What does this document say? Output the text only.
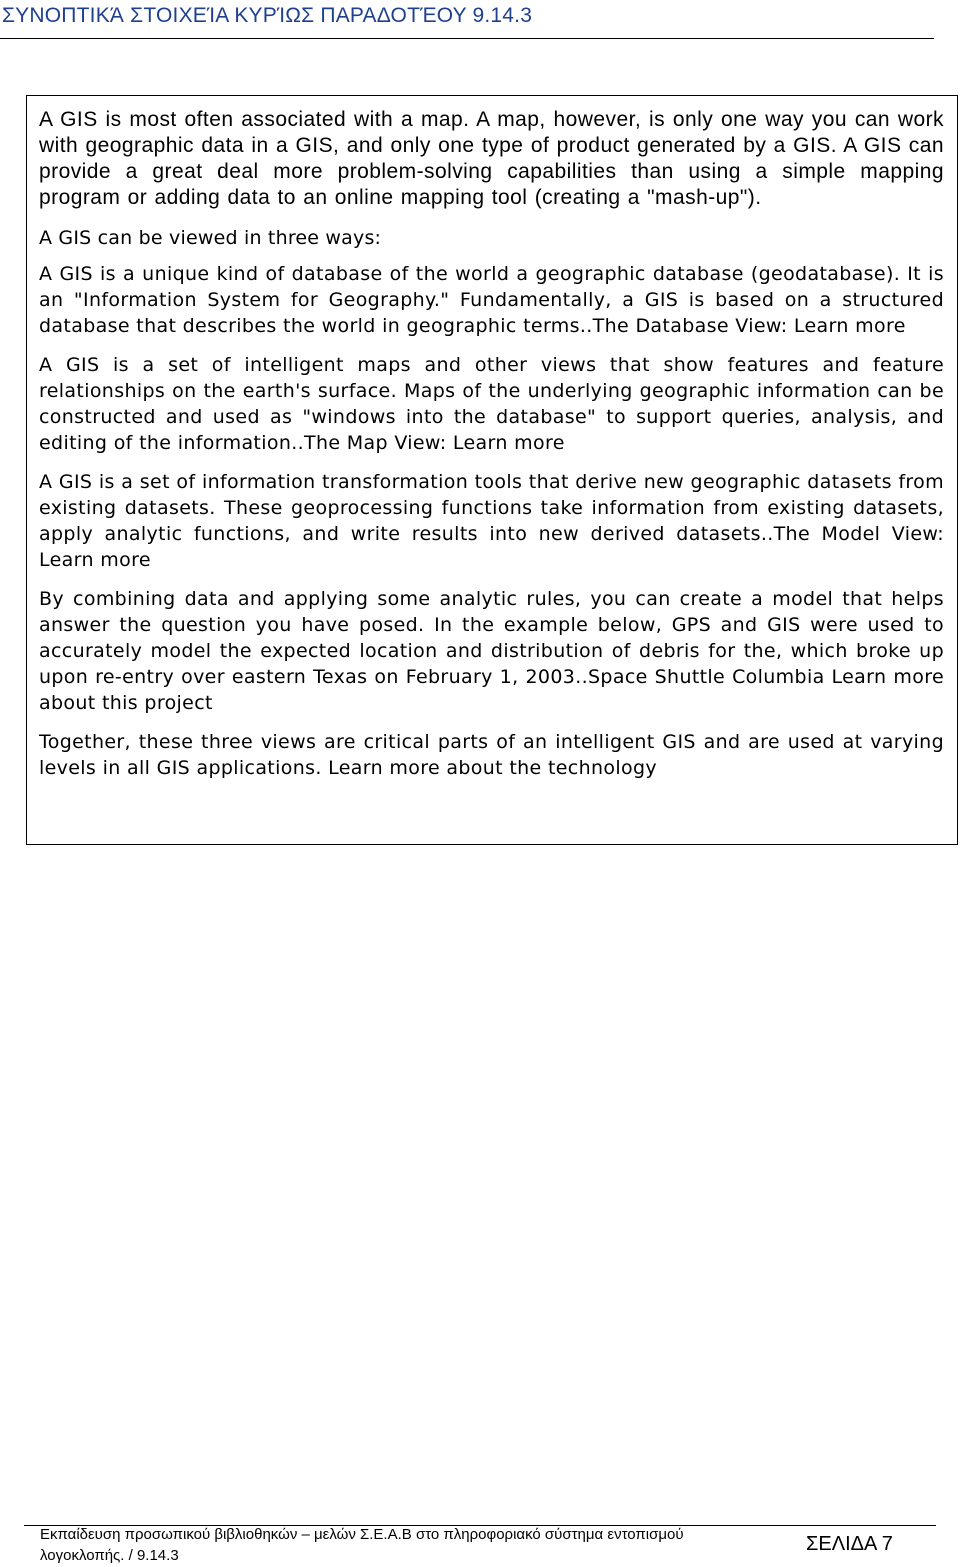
ΣΥΝΟΠΤΙΚΆ ΣΤΟΙΧΕΊΑ ΚΥΡΊΩΣ ΠΑΡΑΔΟΤΈΟΥ 9.14.3

A GIS is most often associated with a map. A map, however, is only one way you can work with geographic data in a GIS, and only one type of product generated by a GIS. A GIS can provide a great deal more problem-solving capabilities than using a simple mapping program or adding data to an online mapping tool (creating a "mash-up").

A GIS can be viewed in three ways:

A GIS is a unique kind of database of the world a geographic database (geodatabase). It is an "Information System for Geography." Fundamentally, a GIS is based on a structured database that describes the world in geographic terms..The Database View: Learn more

A GIS is a set of intelligent maps and other views that show features and feature relationships on the earth's surface. Maps of the underlying geographic information can be constructed and used as "windows into the database" to support queries, analysis, and editing of the information..The Map View: Learn more

A GIS is a set of information transformation tools that derive new geographic datasets from existing datasets. These geoprocessing functions take information from existing datasets, apply analytic functions, and write results into new derived datasets..The Model View: Learn more

By combining data and applying some analytic rules, you can create a model that helps answer the question you have posed. In the example below, GPS and GIS were used to accurately model the expected location and distribution of debris for the, which broke up upon re-entry over eastern Texas on February 1, 2003..Space Shuttle Columbia Learn more about this project

Together, these three views are critical parts of an intelligent GIS and are used at varying levels in all GIS applications. Learn more about the technology

Εκπαίδευση προσωπικού βιβλιοθηκών – μελών Σ.Ε.Α.Β στο πληροφοριακό σύστημα εντοπισμού
λογοκλοπής. / 9.14.3
ΣΕΛΙΔΑ 7
